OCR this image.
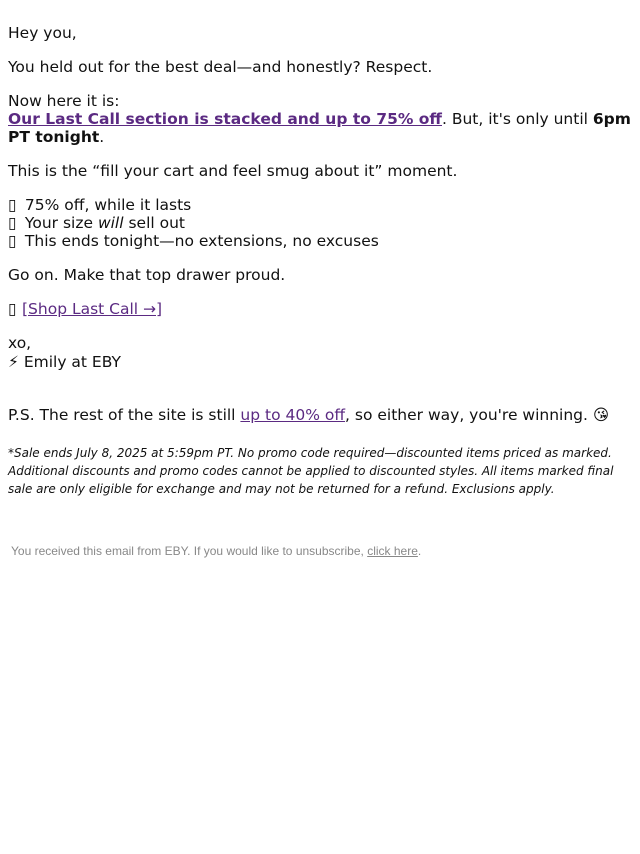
Hey you,

You held out for the best deal—and honestly? Respect.

Now here it is:
Our Last Call section is stacked and up to 75% off. But, it's only until 6pm PT tonight.

This is the “fill your cart and feel smug about it” moment.

▯ 75% off, while it lasts
▯ Your size will sell out
▯ This ends tonight—no extensions, no excuses

Go on. Make that top drawer proud.

▯ [Shop Last Call →]

xo,
⚡ Emily at EBY

P.S. The rest of the site is still up to 40% off, so either way, you're winning. 😘

*Sale ends July 8, 2025 at 5:59pm PT. No promo code required—discounted items priced as marked. Additional discounts and promo codes cannot be applied to discounted styles. All items marked final sale are only eligible for exchange and may not be returned for a refund. Exclusions apply.

You received this email from EBY. If you would like to unsubscribe, click here.
